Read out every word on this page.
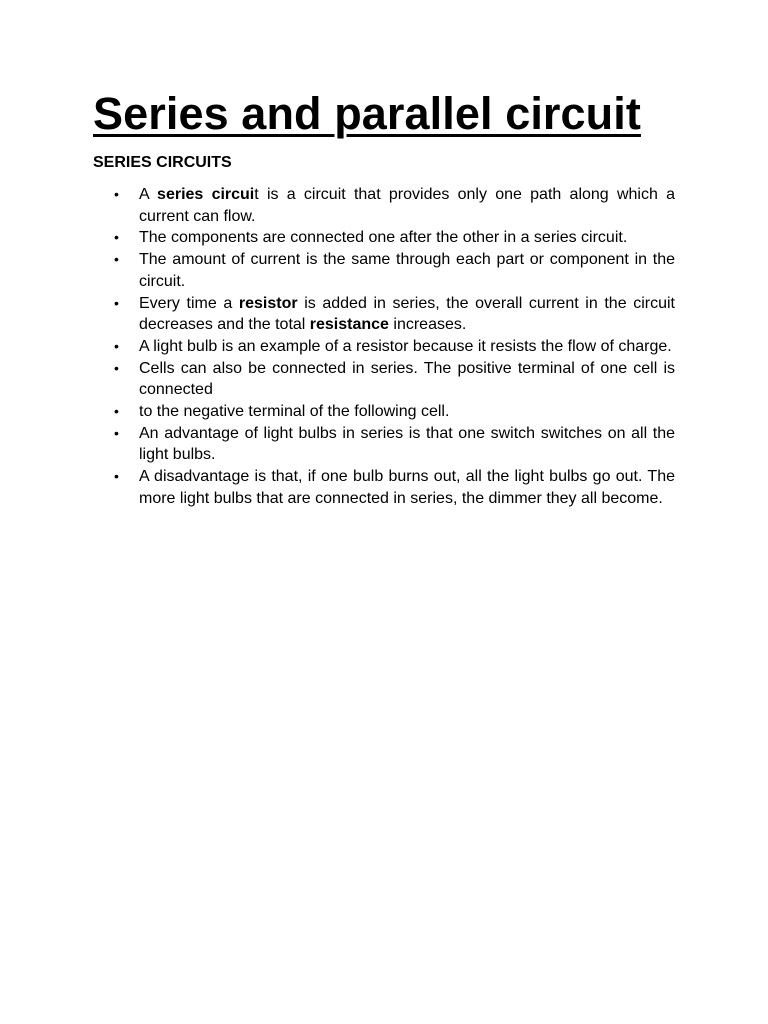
Series and parallel circuit
SERIES CIRCUITS
• A series circuit is a circuit that provides only one path along which a current can flow.
• The components are connected one after the other in a series circuit.
• The amount of current is the same through each part or component in the circuit.
• Every time a resistor is added in series, the overall current in the circuit decreases and the total resistance increases.
• A light bulb is an example of a resistor because it resists the flow of charge.
• Cells can also be connected in series. The positive terminal of one cell is connected
• to the negative terminal of the following cell.
• An advantage of light bulbs in series is that one switch switches on all the light bulbs.
• A disadvantage is that, if one bulb burns out, all the light bulbs go out. The more light bulbs that are connected in series, the dimmer they all become.
